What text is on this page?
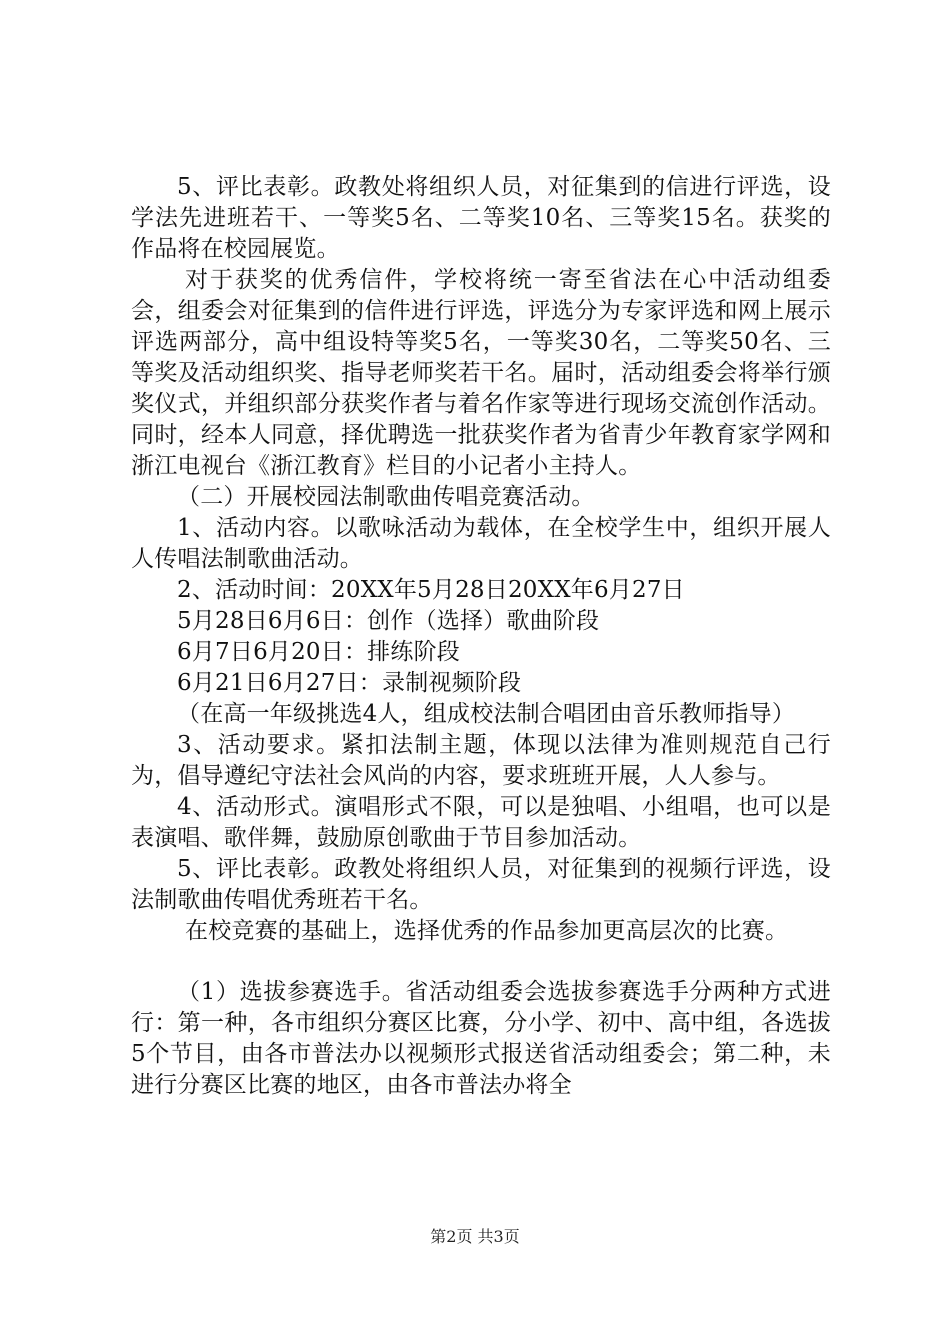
5、评比表彰。政教处将组织人员，对征集到的信进行评选，设学法先进班若干、一等奖5名、二等奖10名、三等奖15名。获奖的作品将在校园展览。

对于获奖的优秀信件，学校将统一寄至省法在心中活动组委会，组委会对征集到的信件进行评选，评选分为专家评选和网上展示评选两部分，高中组设特等奖5名，一等奖30名，二等奖50名、三等奖及活动组织奖、指导老师奖若干名。届时，活动组委会将举行颁奖仪式，并组织部分获奖作者与着名作家等进行现场交流创作活动。同时，经本人同意，择优聘选一批获奖作者为省青少年教育家学网和浙江电视台《浙江教育》栏目的小记者小主持人。

（二）开展校园法制歌曲传唱竞赛活动。

1、活动内容。以歌咏活动为载体，在全校学生中，组织开展人人传唱法制歌曲活动。

2、活动时间：20XX年5月28日20XX年6月27日

5月28日6月6日：创作（选择）歌曲阶段

6月7日6月20日：排练阶段

6月21日6月27日：录制视频阶段

（在高一年级挑选4人，组成校法制合唱团由音乐教师指导）

3、活动要求。紧扣法制主题，体现以法律为准则规范自己行为，倡导遵纪守法社会风尚的内容，要求班班开展，人人参与。

4、活动形式。演唱形式不限，可以是独唱、小组唱，也可以是表演唱、歌伴舞，鼓励原创歌曲于节目参加活动。

5、评比表彰。政教处将组织人员，对征集到的视频行评选，设法制歌曲传唱优秀班若干名。

在校竞赛的基础上，选择优秀的作品参加更高层次的比赛。

（1）选拔参赛选手。省活动组委会选拔参赛选手分两种方式进行：第一种，各市组织分赛区比赛，分小学、初中、高中组，各选拔5个节目，由各市普法办以视频形式报送省活动组委会；第二种，未进行分赛区比赛的地区，由各市普法办将全

第2页 共3页
